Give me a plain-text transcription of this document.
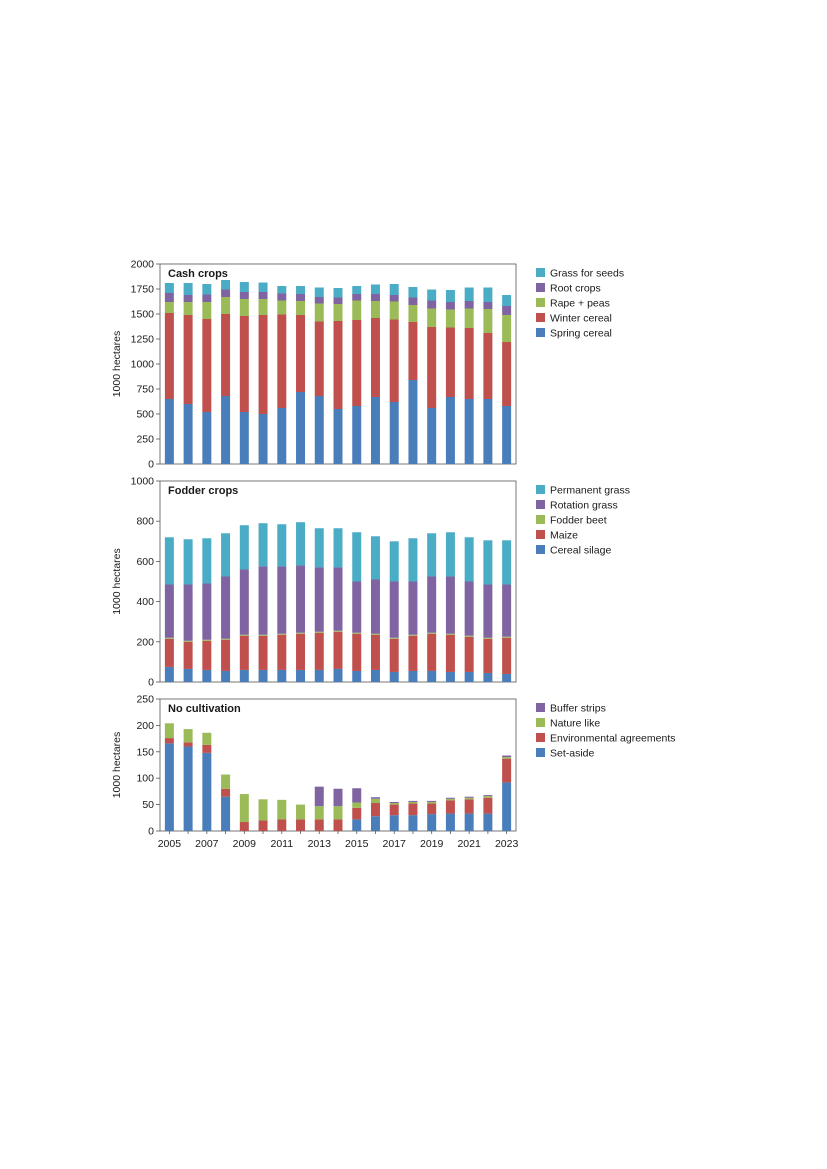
0
250
500
750
1000
1250
1500
1750
2000
1000 hectares
Cash crops	Grass for seeds
Root crops
Rape + peas
Winter cereal
Spring cereal
0
200
400
600
800
1000
1000 hectares
Fodder crops	Permanent grass
Rotation grass
Fodder beet
Maize
Cereal silage
0
50
100
150
200
250
1000 hectares
No cultivation
2005 2007 2009 2011 2013 2015 2017 2019 2021 2023
Buffer strips
Nature like
Environmental agreements
Set-aside
